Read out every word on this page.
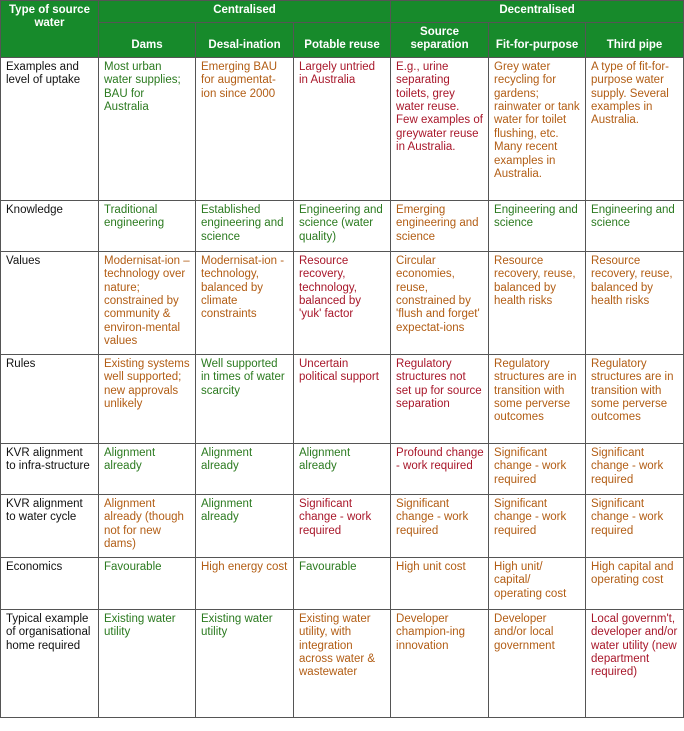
Type of source water	Centralised			Decentralised		
	Dams	Desal-ination	Potable reuse	Source separation	Fit-for-purpose	Third pipe
Examples and level of uptake	Most urban water supplies; BAU for Australia	Emerging BAU for augmentat-ion since 2000	Largely untried in Australia	E.g., urine separating toilets, grey water reuse. Few examples of greywater reuse in Australia.	Grey water recycling for gardens; rainwater or tank water for toilet flushing, etc. Many recent examples in Australia.	A type of fit-for-purpose water supply. Several examples in Australia.
Knowledge	Traditional engineering	Established engineering and science	Engineering and science (water quality)	Emerging engineering and science	Engineering and science	Engineering and science
Values	Modernisat-ion – technology over nature; constrained by community & environ-mental values	Modernisat-ion - technology, balanced by climate constraints	Resource recovery, technology, balanced by 'yuk' factor	Circular economies, reuse, constrained by 'flush and forget' expectat-ions	Resource recovery, reuse, balanced by health risks	Resource recovery, reuse, balanced by health risks
Rules	Existing systems well supported; new approvals unlikely	Well supported in times of water scarcity	Uncertain political support	Regulatory structures not set up for source separation	Regulatory structures are in transition with some perverse outcomes	Regulatory structures are in transition with some perverse outcomes
KVR alignment to infra-structure	Alignment already	Alignment already	Alignment already	Profound change - work required	Significant change - work required	Significant change - work required
KVR alignment to water cycle	Alignment already (though not for new dams)	Alignment already	Significant change - work required	Significant change - work required	Significant change - work required	Significant change - work required
Economics	Favourable	High energy cost	Favourable	High unit cost	High unit/ capital/ operating cost	High capital and operating cost
Typical example of organisational home required	Existing water utility	Existing water utility	Existing water utility, with integration across water & wastewater	Developer champion-ing innovation	Developer and/or local government	Local governm't, developer and/or water utility (new department required)
